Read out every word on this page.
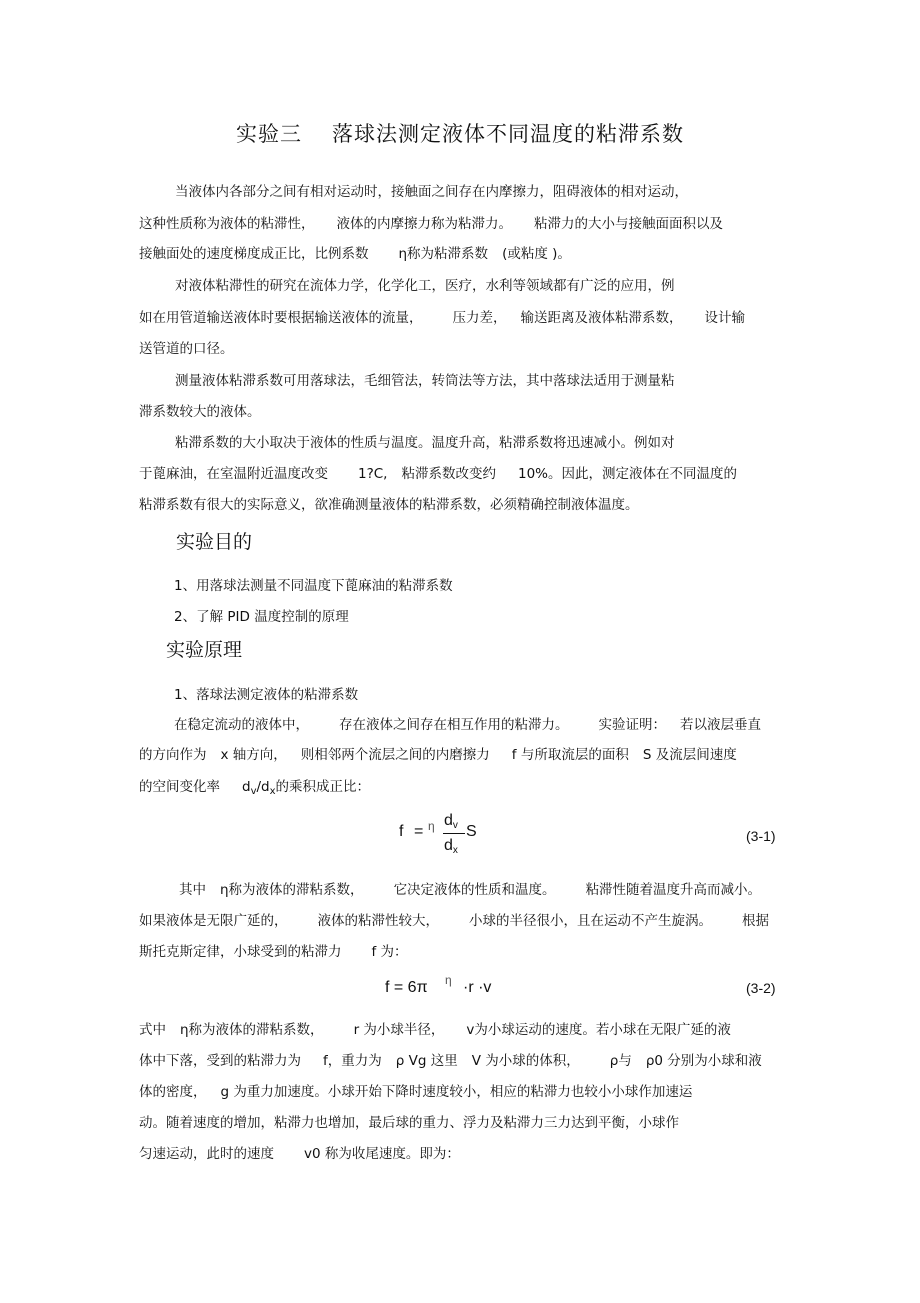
实验三 落球法测定液体不同温度的粘滞系数
当液体内各部分之间有相对运动时，接触面之间存在内摩擦力，阻碍液体的相对运动，
这种性质称为液体的粘滞性， 液体的内摩擦力称为粘滞力。 粘滞力的大小与接触面面积以及
接触面处的速度梯度成正比，比例系数 η称为粘滞系数 (或粘度 )。
对液体粘滞性的研究在流体力学，化学化工，医疗，水利等领域都有广泛的应用，例
如在用管道输送液体时要根据输送液体的流量， 压力差， 输送距离及液体粘滞系数， 设计输
送管道的口径。
测量液体粘滞系数可用落球法，毛细管法，转筒法等方法，其中落球法适用于测量粘
滞系数较大的液体。
粘滞系数的大小取决于液体的性质与温度。温度升高，粘滞系数将迅速减小。例如对
于蓖麻油，在室温附近温度改变 1?C, 粘滞系数改变约 10%。因此，测定液体在不同温度的
粘滞系数有很大的实际意义，欲准确测量液体的粘滞系数，必须精确控制液体温度。
实验目的
1、用落球法测量不同温度下蓖麻油的粘滞系数
2、了解 PID 温度控制的原理
实验原理
1、落球法测定液体的粘滞系数
在稳定流动的液体中， 存在液体之间存在相互作用的粘滞力。 实验证明： 若以液层垂直
的方向作为 x 轴方向， 则相邻两个流层之间的内磨擦力 f 与所取流层的面积 S 及流层间速度
的空间变化率 $d_v/d_x$的乘积成正比：
f = η $d_v$
$d_x$
S	(3-1)
其中 η称为液体的滞粘系数， 它决定液体的性质和温度。 粘滞性随着温度升高而减小。
如果液体是无限广延的， 液体的粘滞性较大， 小球的半径很小，且在运动不产生旋涡。 根据
斯托克斯定律，小球受到的粘滞力 f 为：
f = 6π η ·r ·v	(3-2)
式中 η称为液体的滞粘系数， r 为小球半径， v为小球运动的速度。若小球在无限广延的液
体中下落，受到的粘滞力为 f，重力为 ρ Vg 这里 V 为小球的体积， ρ与 ρ0 分别为小球和液
体的密度， g 为重力加速度。小球开始下降时速度较小，相应的粘滞力也较小小球作加速运
动。随着速度的增加，粘滞力也增加，最后球的重力、浮力及粘滞力三力达到平衡，小球作
匀速运动，此时的速度 v0 称为收尾速度。即为：
